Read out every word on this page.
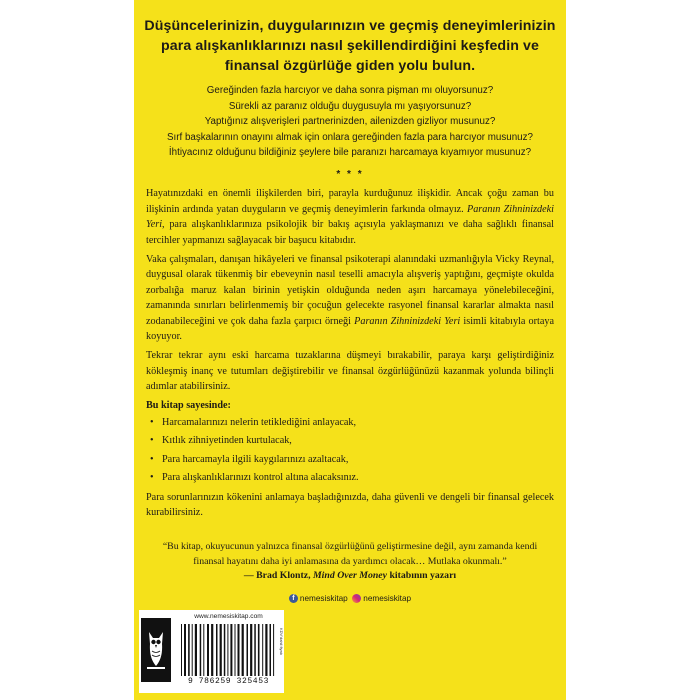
Düşüncelerinizin, duygularınızın ve geçmiş deneyimlerinizin para alışkanlıklarınızı nasıl şekillendirdiğini keşfedin ve finansal özgürlüğe giden yolu bulun.

Gereğinden fazla harcıyor ve daha sonra pişman mı oluyorsunuz?
Sürekli az paranız olduğu duygusuyla mı yaşıyorsunuz?
Yaptığınız alışverişleri partnerinizden, ailenizden gizliyor musunuz?
Sırf başkalarının onayını almak için onlara gereğinden fazla para harcıyor musunuz?
İhtiyacınız olduğunu bildiğiniz şeylere bile paranızı harcamaya kıyamıyor musunuz?
* * *

Hayatınızdaki en önemli ilişkilerden biri, parayla kurduğunuz ilişkidir. Ancak çoğu zaman bu ilişkinin ardında yatan duyguların ve geçmiş deneyimlerin farkında olmayız. Paranın Zihninizdeki Yeri, para alışkanlıklarınıza psikolojik bir bakış açısıyla yaklaşmanızı ve daha sağlıklı finansal tercihler yapmanızı sağlayacak bir başucu kitabıdır.

Vaka çalışmaları, danışan hikâyeleri ve finansal psikoterapi alanındaki uzmanlığıyla Vicky Reynal, duygusal olarak tükenmiş bir ebeveynin nasıl teselli amacıyla alışveriş yaptığını, geçmişte okulda zorbalığa maruz kalan birinin yetişkin olduğunda neden aşırı harcamaya yönelebileceğini, zamanında sınırları belirlenmemiş bir çocuğun gelecekte rasyonel finansal kararlar almakta nasıl zodanabileceğini ve çok daha fazla çarpıcı örneği Paranın Zihninizdeki Yeri isimli kitabıyla ortaya koyuyor.

Tekrar tekrar aynı eski harcama tuzaklarına düşmeyi bırakabilir, paraya karşı geliştirdiğiniz kökleşmiş inanç ve tutumları değiştirebilir ve finansal özgürlüğünüzü kazanmak yolunda bilinçli adımlar atabilirsiniz.

Bu kitap sayesinde:

• Harcamalarınızı nelerin tetiklediğini anlayacak,
• Kıtlık zihniyetinden kurtulacak,
• Para harcamayla ilgili kaygılarınızı azaltacak,
• Para alışkanlıklarınızı kontrol altına alacaksınız.

Para sorunlarınızın kökenini anlamaya başladığınızda, daha güvenli ve dengeli bir finansal gelecek kurabilirsiniz.

“Bu kitap, okuyucunun yalnızca finansal özgürlüğünü geliştirmesine değil, aynı zamanda kendi finansal hayatını daha iyi anlamasına da yardımcı olacak… Mutlaka okunmalı.”
— Brad Klontz, Mind Over Money kitabının yazarı
f nemesiskitap nemesiskitap
www.nemesiskitap.com
9 786259 325453
KDV'dahil fiyatı
